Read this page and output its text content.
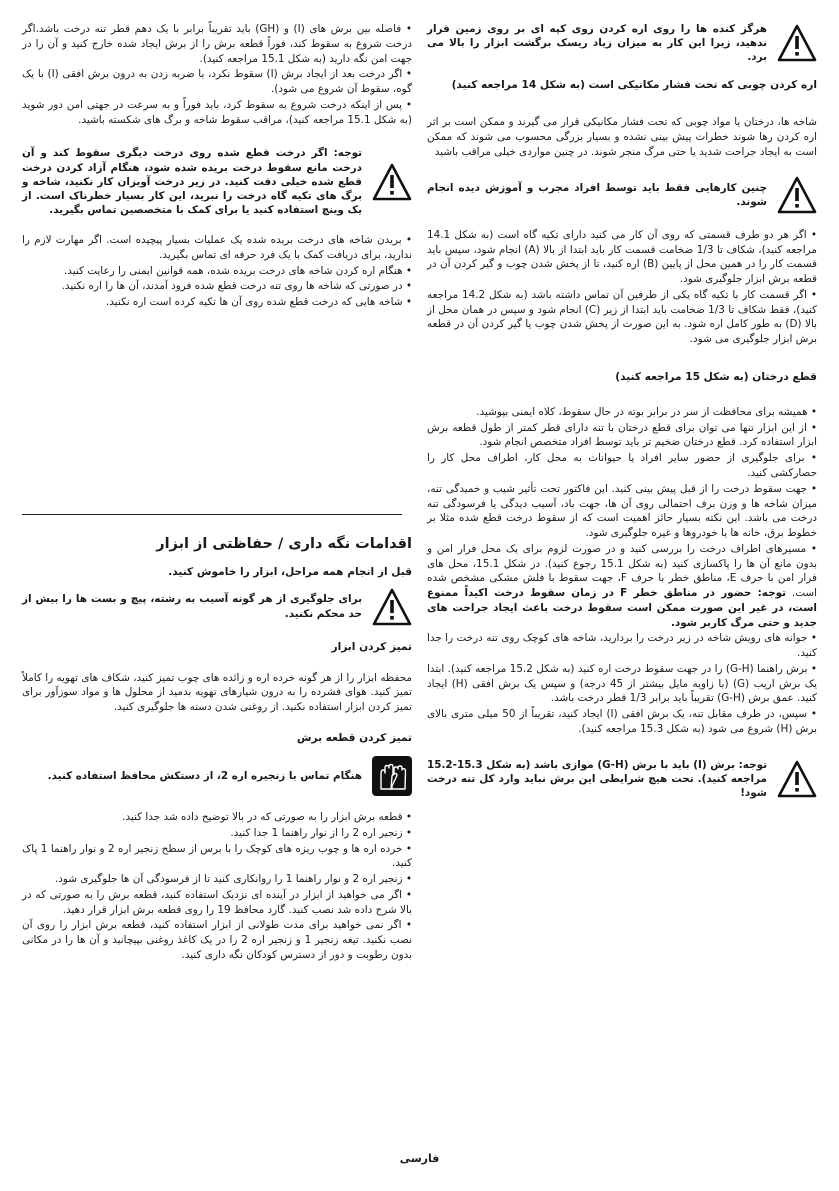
هرگز کنده ها را روی اره کردن روی کپه ای بر روی زمین قرار ندهید، زیرا این کار به میزان زیاد ریسک برگشت ابزار را بالا می برد.

اره کردن چوبی که تحت فشار مکانیکی است (به شکل 14 مراجعه کنید)

شاخه ها، درختان یا مواد چوبی که تحت فشار مکانیکی قرار می گیرند و ممکن است بر اثر اره کردن رها شوند خطرات پیش بینی نشده و بسیار بزرگی محسوب می شوند که ممکن است به ایجاد جراحت شدید یا حتی مرگ منجر شوند. در چنین مواردی خیلی مراقب باشید

چنین کارهایی فقط باید توسط افراد مجرب و آموزش دیده انجام شوند.

• اگر هر دو طرف قسمتی که روی آن کار می کنید دارای تکیه گاه است (به شکل 14.1 مراجعه کنید)، شکاف تا 1/3 ضخامت قسمت کار باید ابتدا از بالا (A) انجام شود، سپس باید قسمت کار را در همین محل از پایین (B) اره کنید، تا از پخش شدن چوب و گیر کردن آن در قطعه برش ابزار جلوگیری شود.

• اگر قسمت کار با تکیه گاه یکی از طرفین آن تماس داشته باشد (به شکل 14.2 مراجعه کنید)، فقط شکاف تا 1/3 ضخامت باید ابتدا از زیر (C) انجام شود و سپس در همان محل از بالا (D) به طور کامل اره شود. به این صورت از پخش شدن چوب یا گیر کردن آن در قطعه برش ابزار جلوگیری می شود.

قطع درختان (به شکل 15 مراجعه کنید)

• همیشه برای محافظت از سر در برابر بوته در حال سقوط، کلاه ایمنی بپوشید.

• از این ابزار تنها می توان برای قطع درختان با تنه دارای قطر کمتر از طول قطعه برش ابزار استفاده کرد. قطع درختان ضخیم تر باید توسط افراد متخصص انجام شود.

• برای جلوگیری از حضور سایر افراد یا حیوانات به محل کار، اطراف محل کار را حصارکشی کنید.

• جهت سقوط درخت را از قبل پیش بینی کنید. این فاکتور تحت تأثیر شیب و خمیدگی تنه، میزان شاخه ها و وزن برف احتمالی روی آن ها، جهت باد، آسیب دیدگی یا فرسودگی تنه درخت می باشد. این نکته بسیار حائز اهمیت است که از سقوط درخت قطع شده مثلا بر خطوط برق، خانه ها یا خودروها و غیره جلوگیری شود.

• مسیرهای اطراف درخت را بررسی کنید و در صورت لزوم برای یک محل فرار امن و بدون مانع آن ها را پاکسازی کنید (به شکل 15.1 رجوع کنید). در شکل 15.1، محل های فرار امن با حرف E، مناطق خطر با حرف F، جهت سقوط با فلش مشکی مشخص شده است. توجه: حضور در مناطق خطر F در زمان سقوط درخت اکیداً ممنوع است، در غیر این صورت ممکن است سقوط درخت باعث ایجاد جراحت های جدید و حتی مرگ کاربر شود.

• جوانه های رویش شاخه در زیر درخت را بردارید، شاخه های کوچک روی تنه درخت را جدا کنید.

• برش راهنما (G-H) را در جهت سقوط درخت اره کنید (به شکل 15.2 مراجعه کنید). ابتدا یک برش اریب (G) (با زاویه مایل بیشتر از 45 درجه) و سپس یک برش افقی (H) ایجاد کنید. عمق برش (G-H) تقریباً باید برابر 1/3 قطر درخت باشد.

• سپس، در طرف مقابل تنه، یک برش افقی (I) ایجاد کنید، تقریباً از 50 میلی متری بالای برش (H) شروع می شود (به شکل 15.3 مراجعه کنید).

توجه: برش (I) باید با برش (G-H) موازی باشد (به شکل 15.3-15.2 مراجعه کنید). تحت هیچ شرایطی این برش نباید وارد کل تنه درخت شود!

• فاصله بین برش های (I) و (GH) باید تقریباً برابر با یک دهم قطر تنه درخت باشد.اگر درخت شروع به سقوط کند، فوراً قطعه برش را از برش ایجاد شده خارج کنید و آن را در جهت امن نگه دارید (به شکل 15.1 مراجعه کنید).

• اگر درخت بعد از ایجاد برش (I) سقوط نکرد، با ضربه زدن به درون برش افقی (I) با یک گوه، سقوط آن شروع می شود).

• پس از اینکه درخت شروع به سقوط کرد، باید فوراً و به سرعت در جهتی امن دور شوید (به شکل 15.1 مراجعه کنید)، مراقب سقوط شاخه و برگ های شکسته باشید.

توجه: اگر درخت قطع شده روی درخت دیگری سقوط کند و آن درخت مانع سقوط درخت بریده شده شود، هنگام آزاد کردن درخت قطع شده خیلی دقت کنید. در زیر درخت آویزان کار نکنید، شاخه و برگ های تکیه گاه درخت را نبرید، این کار بسیار خطرناک است. از یک وینچ استفاده کنید یا برای کمک با متخصصین تماس بگیرید.

• بریدن شاخه های درخت بریده شده یک عملیات بسیار پیچیده است. اگر مهارت لازم را ندارید، برای دریافت کمک با یک فرد حرفه ای تماس بگیرید.

• هنگام اره کردن شاخه های درخت بریده شده، همه قوانین ایمنی را رعایت کنید.

• در صورتی که شاخه ها روی تنه درخت قطع شده فرود آمدند، آن ها را اره نکنید.

• شاخه هایی که درخت قطع شده روی آن ها تکیه کرده است اره نکنید.

اقدامات نگه داری / حفاظتی از ابزار

قبل از انجام همه مراحل، ابزار را خاموش کنید.

برای جلوگیری از هر گونه آسیب به رشته، پیچ و بست ها را بیش از حد محکم نکنید.

تمیز کردن ابزار

محفظه ابزار را از هر گونه خرده اره و زائده های چوب تمیز کنید، شکاف های تهویه را کاملاً تمیز کنید. هوای فشرده را به درون شیارهای تهویه بدمید از محلول ها و مواد سوزآور برای تمیز کردن ابزار استفاده نکنید. از روغنی شدن دسته ها جلوگیری کنید.

تمیز کردن قطعه برش

هنگام تماس با زنجیره اره 2، از دستکش محافظ استفاده کنید.

• قطعه برش ابزار را به صورتی که در بالا توضیح داده شد جدا کنید.

• زنجیر اره 2 را از نوار راهنما 1 جدا کنید.

• خرده اره ها و چوب ریزه های کوچک را با برس از سطح زنجیر اره 2 و نوار راهنما 1 پاک کنید.

• زنجیر اره 2 و نوار راهنما 1 را روانکاری کنید تا از فرسودگی آن ها جلوگیری شود.

• اگر می خواهید از ابزار در آینده ای نزدیک استفاده کنید، قطعه برش را به صورتی که در بالا شرح داده شد نصب کنید. گارد محافظ 19 را روی قطعه برش ابزار قرار دهید.

• اگر نمی خواهید برای مدت طولانی از ابزار استفاده کنید، قطعه برش ابزار را روی آن نصب نکنید. تیغه زنجیر 1 و زنجیر اره 2 را در یک کاغذ روغنی بپیچانید و آن ها را در مکانی بدون رطوبت و دور از دسترس کودکان نگه داری کنید.

فارسی
